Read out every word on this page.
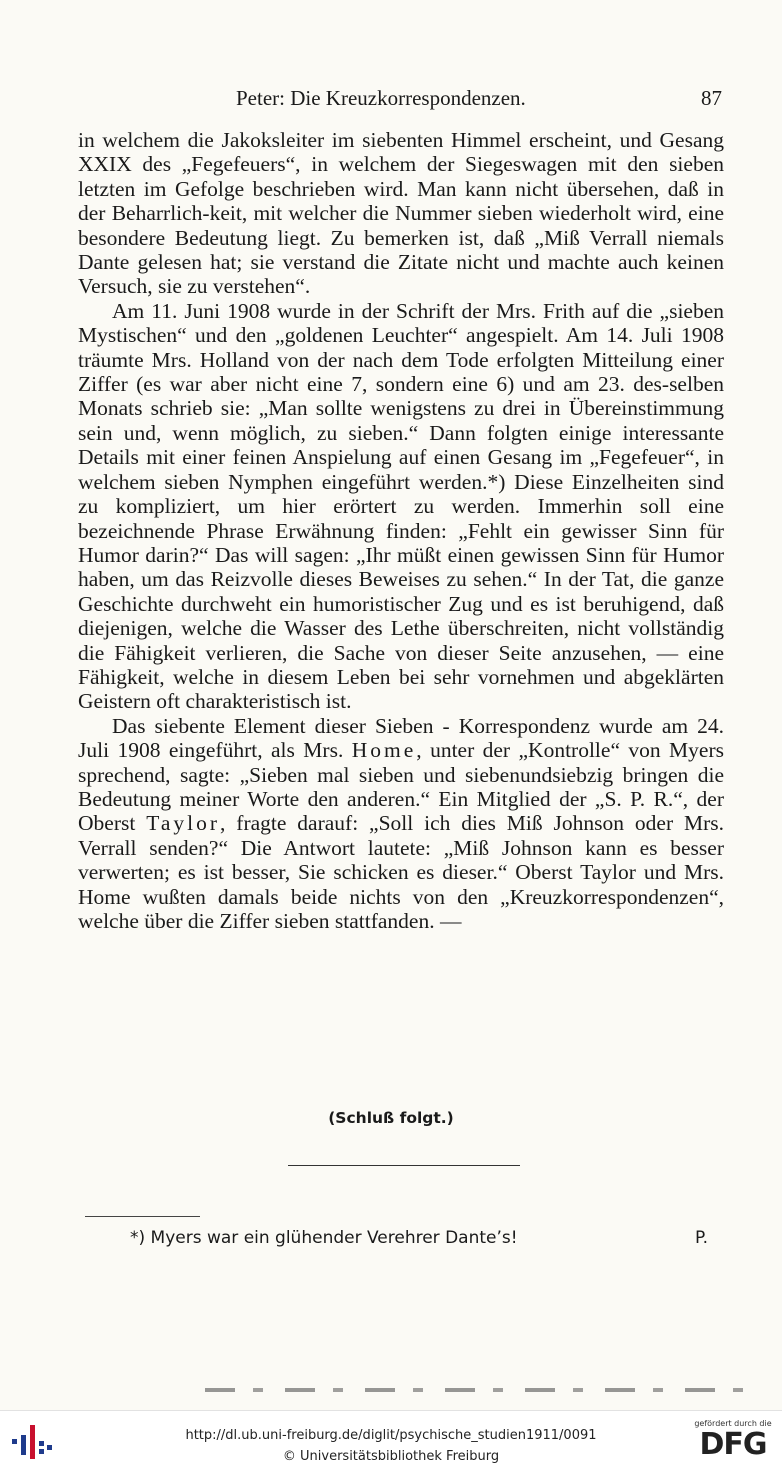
Peter: Die Kreuzkorrespondenzen.	87

in welchem die Jakoksleiter im siebenten Himmel erscheint, und Gesang XXIX des „Fegefeuers“, in welchem der Siegeswagen mit den sieben letzten im Gefolge beschrieben wird. Man kann nicht übersehen, daß in der Beharrlich-keit, mit welcher die Nummer sieben wiederholt wird, eine besondere Bedeutung liegt. Zu bemerken ist, daß „Miß Verrall niemals Dante gelesen hat; sie verstand die Zitate nicht und machte auch keinen Versuch, sie zu verstehen“.

Am 11. Juni 1908 wurde in der Schrift der Mrs. Frith auf die „sieben Mystischen“ und den „goldenen Leuchter“ angespielt. Am 14. Juli 1908 träumte Mrs. Holland von der nach dem Tode erfolgten Mitteilung einer Ziffer (es war aber nicht eine 7, sondern eine 6) und am 23. des-selben Monats schrieb sie: „Man sollte wenigstens zu drei in Übereinstimmung sein und, wenn möglich, zu sieben.“ Dann folgten einige interessante Details mit einer feinen Anspielung auf einen Gesang im „Fegefeuer“, in welchem sieben Nymphen eingeführt werden.*) Diese Einzelheiten sind zu kompliziert, um hier erörtert zu werden. Immerhin soll eine bezeichnende Phrase Erwähnung finden: „Fehlt ein gewisser Sinn für Humor darin?“ Das will sagen: „Ihr müßt einen gewissen Sinn für Humor haben, um das Reizvolle dieses Beweises zu sehen.“ In der Tat, die ganze Geschichte durchweht ein humoristischer Zug und es ist beruhigend, daß diejenigen, welche die Wasser des Lethe überschreiten, nicht vollständig die Fähigkeit verlieren, die Sache von dieser Seite anzusehen, — eine Fähigkeit, welche in diesem Leben bei sehr vornehmen und abgeklärten Geistern oft charakteristisch ist.

Das siebente Element dieser Sieben - Korrespondenz wurde am 24. Juli 1908 eingeführt, als Mrs. Home, unter der „Kontrolle“ von Myers sprechend, sagte: „Sieben mal sieben und siebenundsiebzig bringen die Bedeutung meiner Worte den anderen.“ Ein Mitglied der „S. P. R.“, der Oberst Taylor, fragte darauf: „Soll ich dies Miß Johnson oder Mrs. Verrall senden?“ Die Antwort lautete: „Miß Johnson kann es besser verwerten; es ist besser, Sie schicken es dieser.“ Oberst Taylor und Mrs. Home wußten damals beide nichts von den „Kreuzkorrespondenzen“, welche über die Ziffer sieben stattfanden. —

(Schluß folgt.)
*) Myers war ein glühender Verehrer Dante’s!	P.
http://dl.ub.uni-freiburg.de/diglit/psychische_studien1911/0091
© Universitätsbibliothek Freiburg
gefördert durch die
DFG
